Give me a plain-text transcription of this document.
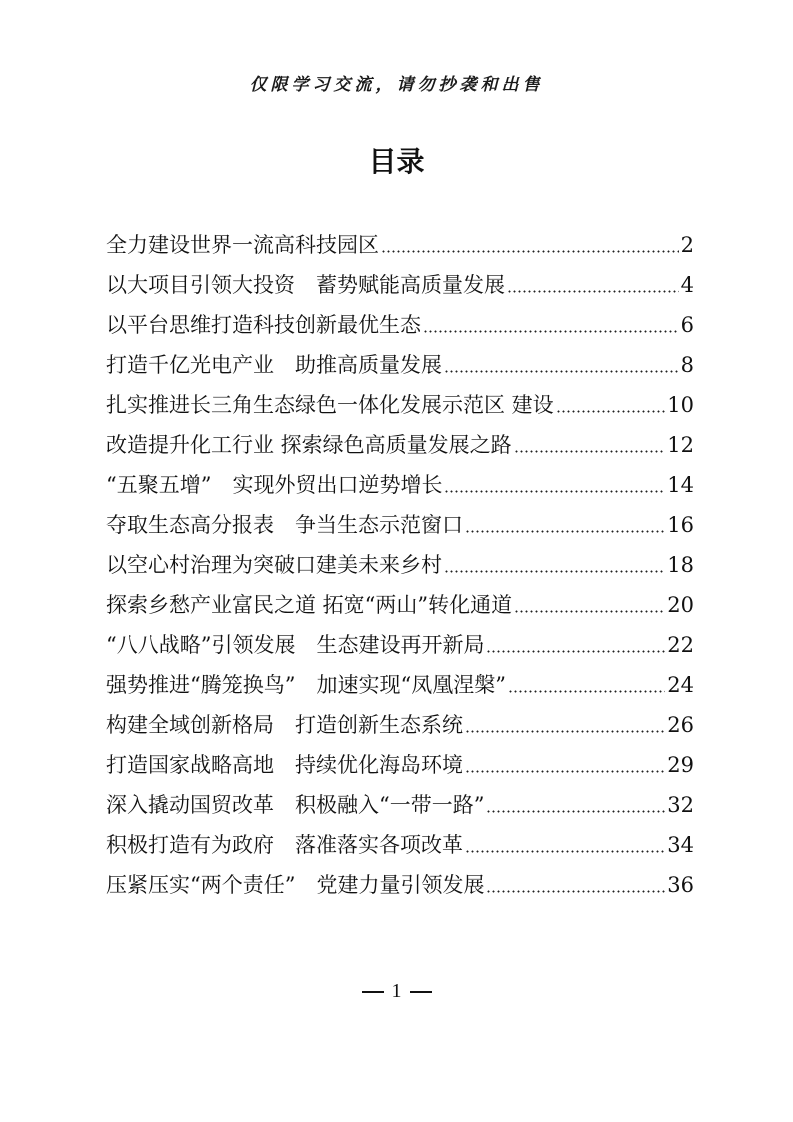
仅限学习交流，请勿抄袭和出售
目录
全力建设世界一流高科技园区	2
以大项目引领大投资　蓄势赋能高质量发展	4
以平台思维打造科技创新最优生态	6
打造千亿光电产业　助推高质量发展	8
扎实推进长三角生态绿色一体化发展示范区 建设	10
改造提升化工行业 探索绿色高质量发展之路	12
“五聚五增”　实现外贸出口逆势增长	14
夺取生态高分报表　争当生态示范窗口	16
以空心村治理为突破口建美未来乡村	18
探索乡愁产业富民之道 拓宽“两山”转化通道	20
“八八战略”引领发展　生态建设再开新局	22
强势推进“腾笼换鸟”　加速实现“凤凰涅槃”	24
构建全域创新格局　打造创新生态系统	26
打造国家战略高地　持续优化海岛环境	29
深入撬动国贸改革　积极融入“一带一路”	32
积极打造有为政府　落准落实各项改革	34
压紧压实“两个责任”　党建力量引领发展	36
1
